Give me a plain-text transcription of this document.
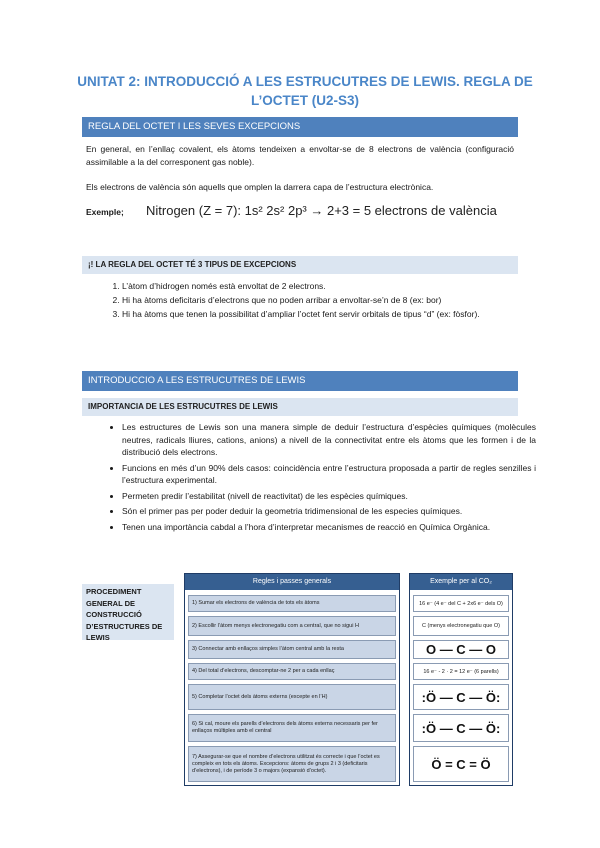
UNITAT 2: INTRODUCCIÓ A LES ESTRUCUTRES DE LEWIS. REGLA DE L’OCTET (U2-S3)
REGLA DEL OCTET I LES SEVES EXCEPCIONS
En general, en l’enllaç covalent, els àtoms tendeixen a envoltar-se de 8 electrons de valència (configuració assimilable a la del corresponent gas noble).
Els electrons de valència són aquells que omplen la darrera capa de l’estructura electrònica.
Exemple; Nitrogen (Z = 7): 1s² 2s² 2p³ → 2+3 = 5 electrons de valència
¡! LA REGLA DEL OCTET TÉ 3 TIPUS DE EXCEPCIONS
1. L’àtom d’hidrogen només està envoltat de 2 electrons.
2. Hi ha àtoms deficitaris d’electrons que no poden arribar a envoltar-se’n de 8 (ex: bor)
3. Hi ha àtoms que tenen la possibilitat d’ampliar l’octet fent servir orbitals de tipus “d” (ex: fòsfor).
INTRODUCCIO A LES ESTRUCUTRES DE LEWIS
IMPORTANCIA DE LES ESTRUCUTRES DE LEWIS
• Les estructures de Lewis son una manera simple de deduir l’estructura d’espècies químiques (molècules neutres, radicals lliures, cations, anions) a nivell de la connectivitat entre els àtoms que les formen i de la distribució dels electrons.
• Funcions en més d’un 90% dels casos: coincidència entre l’estructura proposada a partir de regles senzilles i l’estructura experimental.
• Permeten predir l’estabilitat (nivell de reactivitat) de les espècies químiques.
• Són el primer pas per poder deduir la geometria tridimensional de les especies químiques.
• Tenen una importància cabdal a l’hora d’interpretar mecanismes de reacció en Química Orgànica.
PROCEDIMENT GENERAL DE CONSTRUCCIÓ D’ESTRUCTURES DE LEWIS
Regles i passes generals
1) Sumar els electrons de valència de tots els àtoms
2) Escollir l’àtom menys electronegatiu com a central, que no sigui H
3) Connectar amb enllaços simples l’àtom central amb la resta
4) Del total d’electrons, descomptar-ne 2 per a cada enllaç
5) Completar l’octet dels àtoms externs (excepte en l’H)
6) Si cal, moure els parells d’electrons dels àtoms externs necessaris per fer enllaços múltiples amb el central
7) Assegurar-se que el nombre d’electrons utilitzat és correcte i que l’octet es compleix en tots els àtoms. Excepcions: àtoms de grups 2 i 3 (deficitaris d’electrons), i de període 3 o majors (expansió d’octet).
Exemple per al CO₂
16 e⁻ (4 e⁻ del C + 2x6 e⁻ dels O)
C (menys electronegatiu que O)
O — C — O
16 e⁻ - 2 · 2 = 12 e⁻ (6 parells)
:Ö — C — Ö:
:Ö — C — Ö:
Ö = C = Ö
